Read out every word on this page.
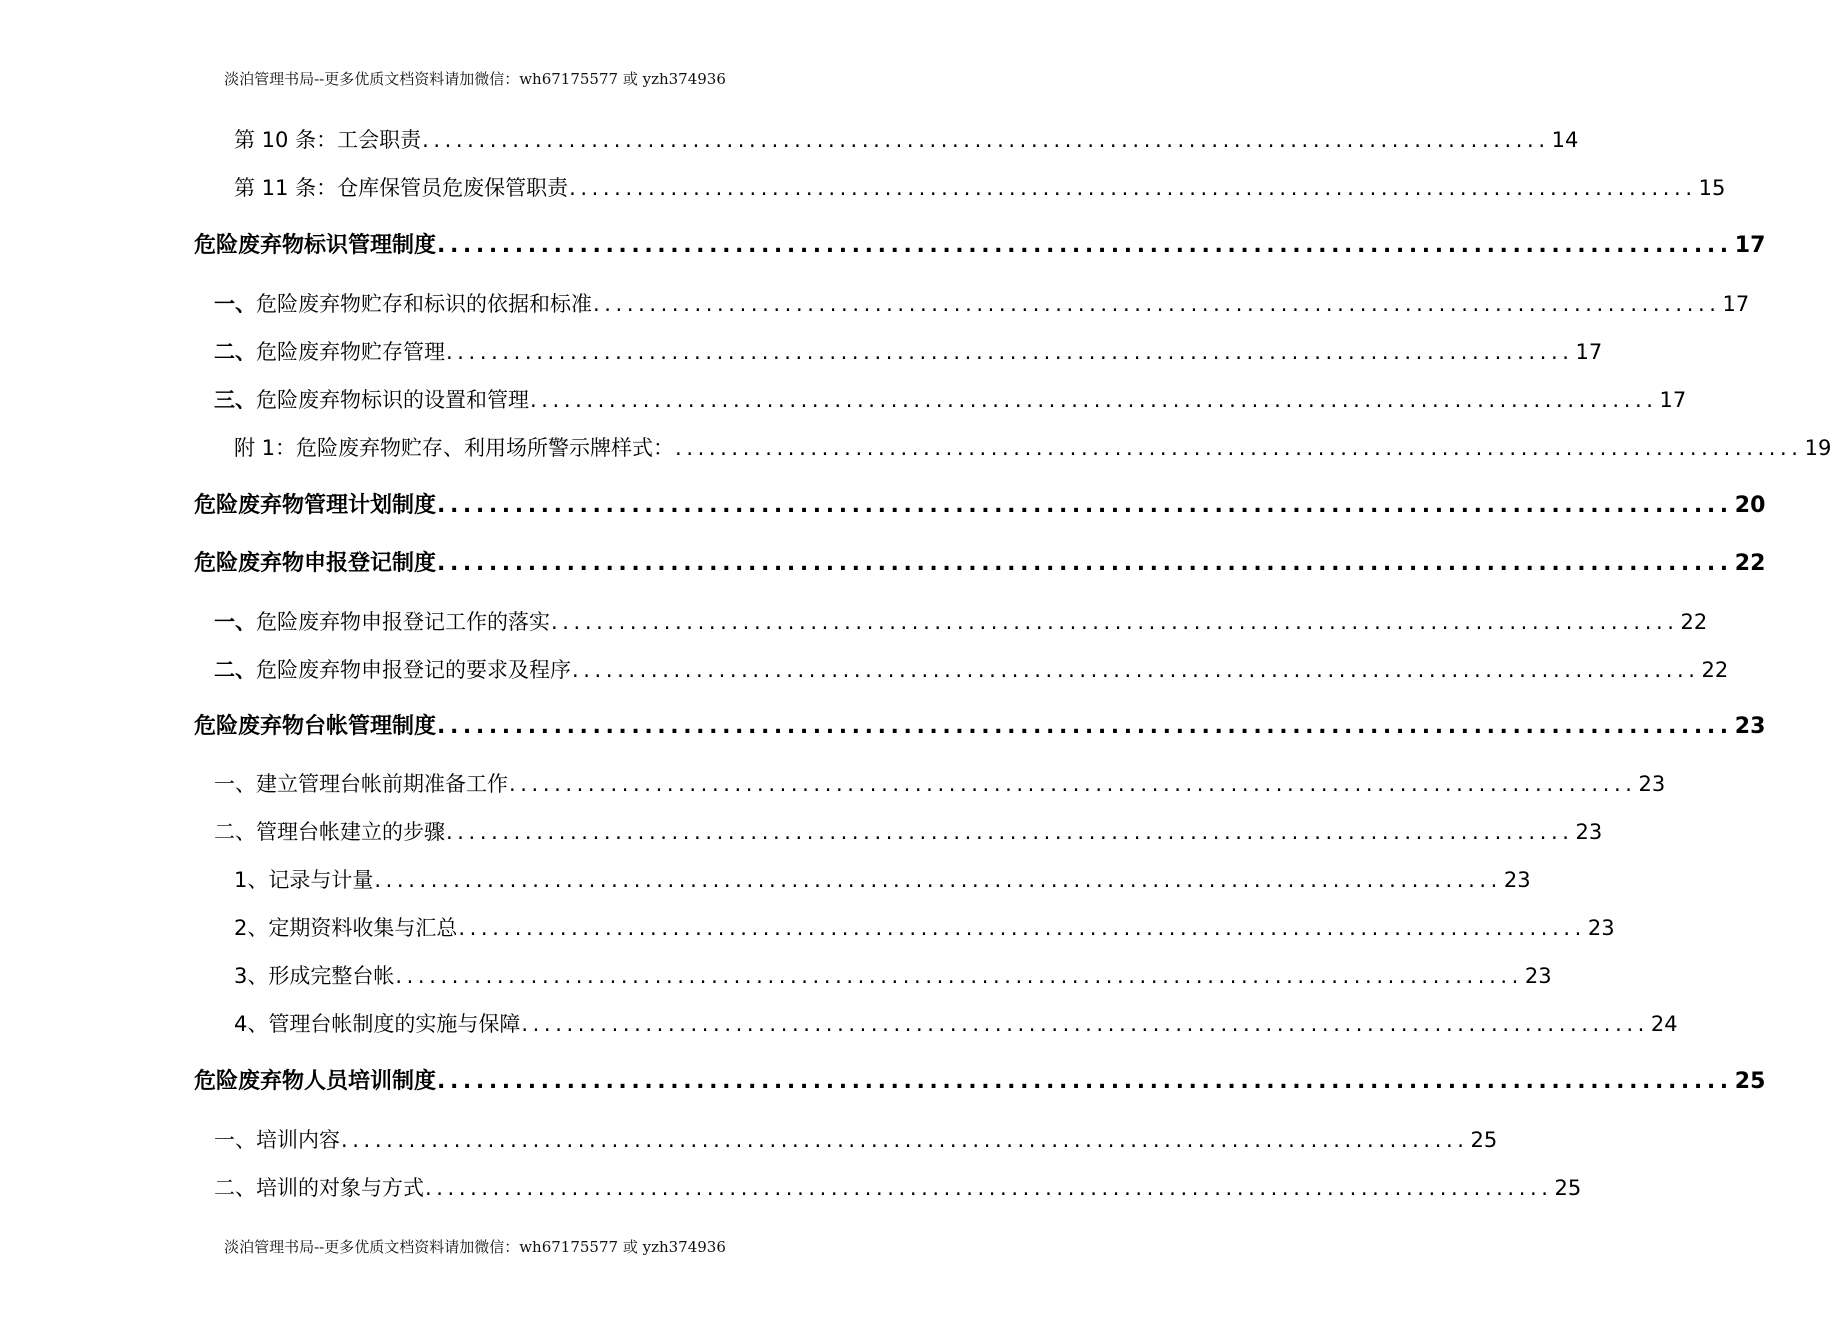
淡泊管理书局--更多优质文档资料请加微信：wh67175577 或 yzh374936
第 10 条：工会职责 .................................................................................................... 14
第 11 条：仓库保管员危废保管职责 .................................................................................................... 15
危险废弃物标识管理制度 .................................................................................................... 17
一、危险废弃物贮存和标识的依据和标准 .................................................................................................... 17
二、危险废弃物贮存管理 .................................................................................................... 17
三、危险废弃物标识的设置和管理 .................................................................................................... 17
附 1：危险废弃物贮存、利用场所警示牌样式： .................................................................................................... 19
危险废弃物管理计划制度 .................................................................................................... 20
危险废弃物申报登记制度 .................................................................................................... 22
一、危险废弃物申报登记工作的落实 .................................................................................................... 22
二、危险废弃物申报登记的要求及程序 .................................................................................................... 22
危险废弃物台帐管理制度 .................................................................................................... 23
一、建立管理台帐前期准备工作 .................................................................................................... 23
二、管理台帐建立的步骤 .................................................................................................... 23
1、记录与计量 .................................................................................................... 23
2、定期资料收集与汇总 .................................................................................................... 23
3、形成完整台帐 .................................................................................................... 23
4、管理台帐制度的实施与保障 .................................................................................................... 24
危险废弃物人员培训制度 .................................................................................................... 25
一、培训内容 .................................................................................................... 25
二、培训的对象与方式 .................................................................................................... 25
淡泊管理书局--更多优质文档资料请加微信：wh67175577 或 yzh374936
